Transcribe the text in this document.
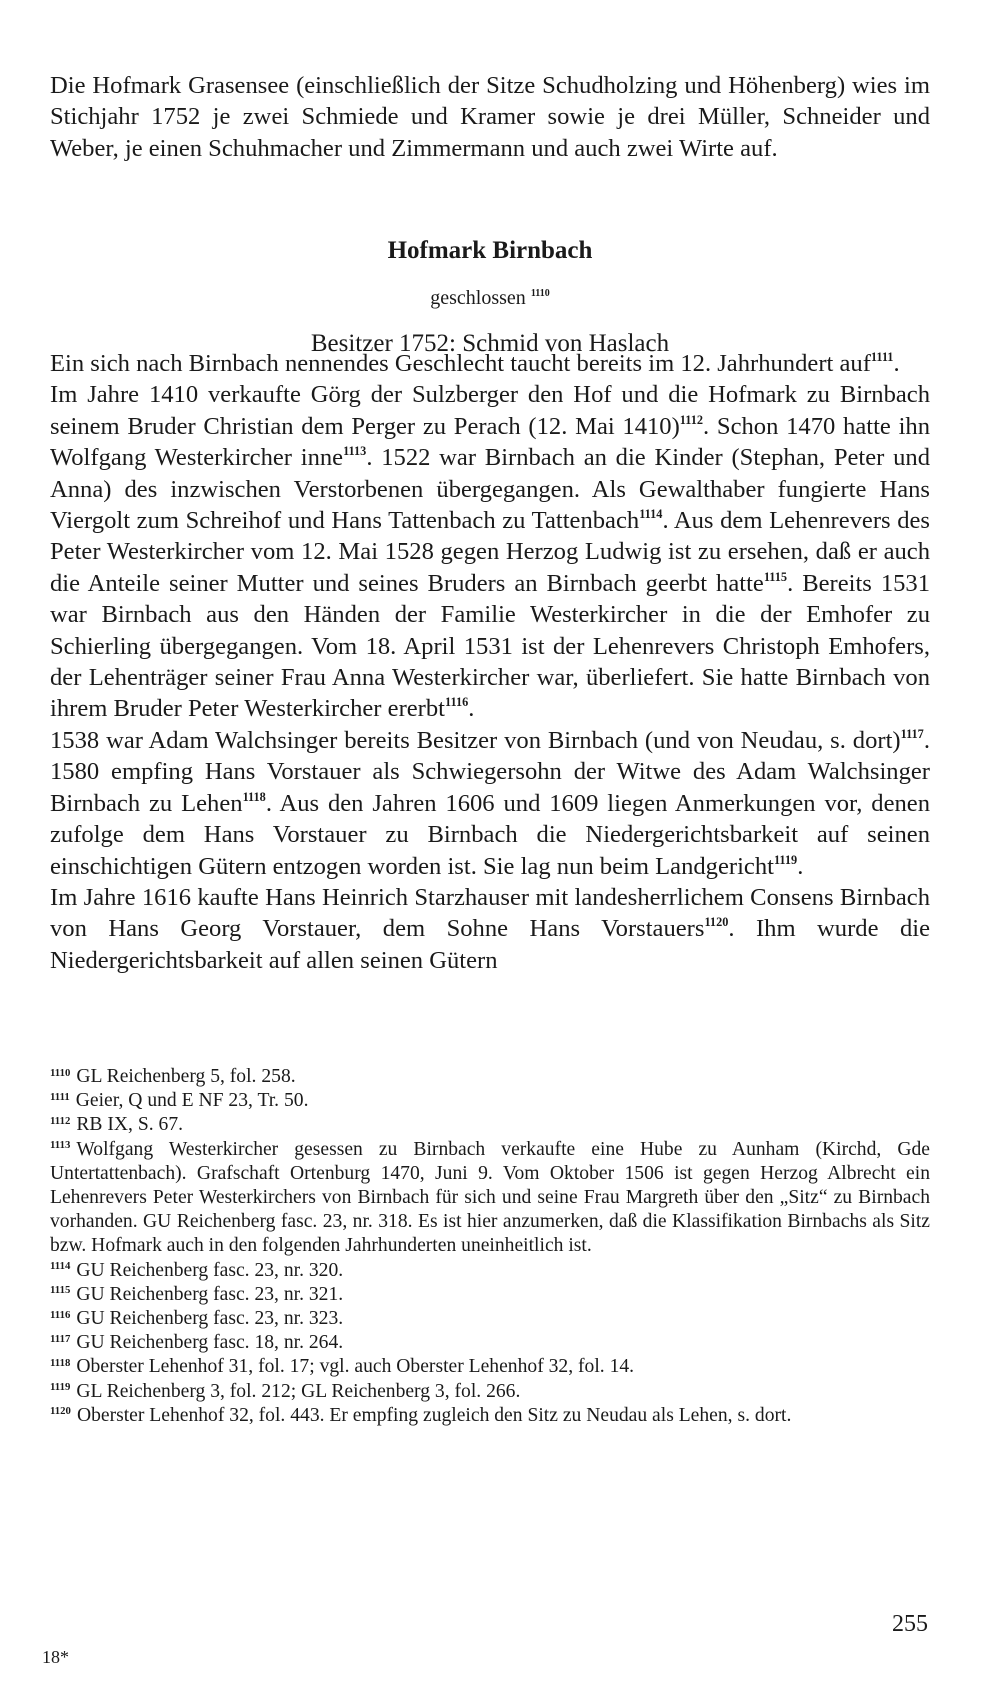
Die Hofmark Grasensee (einschließlich der Sitze Schudholzing und Höhenberg) wies im Stichjahr 1752 je zwei Schmiede und Kramer sowie je drei Müller, Schneider und Weber, je einen Schuhmacher und Zimmermann und auch zwei Wirte auf.

Hofmark Birnbach
geschlossen $^{1110}$
Besitzer 1752: Schmid von Haslach

Ein sich nach Birnbach nennendes Geschlecht taucht bereits im 12. Jahrhundert auf$^{1111}$.

Im Jahre 1410 verkaufte Görg der Sulzberger den Hof und die Hofmark zu Birnbach seinem Bruder Christian dem Perger zu Perach (12. Mai 1410)$^{1112}$. Schon 1470 hatte ihn Wolfgang Westerkircher inne$^{1113}$. 1522 war Birnbach an die Kinder (Stephan, Peter und Anna) des inzwischen Verstorbenen übergegangen. Als Gewalthaber fungierte Hans Viergolt zum Schreihof und Hans Tattenbach zu Tattenbach$^{1114}$. Aus dem Lehenrevers des Peter Westerkircher vom 12. Mai 1528 gegen Herzog Ludwig ist zu ersehen, daß er auch die Anteile seiner Mutter und seines Bruders an Birnbach geerbt hatte$^{1115}$. Bereits 1531 war Birnbach aus den Händen der Familie Westerkircher in die der Emhofer zu Schierling übergegangen. Vom 18. April 1531 ist der Lehenrevers Christoph Emhofers, der Lehenträger seiner Frau Anna Westerkircher war, überliefert. Sie hatte Birnbach von ihrem Bruder Peter Westerkircher ererbt$^{1116}$.

1538 war Adam Walchsinger bereits Besitzer von Birnbach (und von Neudau, s. dort)$^{1117}$. 1580 empfing Hans Vorstauer als Schwiegersohn der Witwe des Adam Walchsinger Birnbach zu Lehen$^{1118}$. Aus den Jahren 1606 und 1609 liegen Anmerkungen vor, denen zufolge dem Hans Vorstauer zu Birnbach die Niedergerichtsbarkeit auf seinen einschichtigen Gütern entzogen worden ist. Sie lag nun beim Landgericht$^{1119}$.

Im Jahre 1616 kaufte Hans Heinrich Starzhauser mit landesherrlichem Consens Birnbach von Hans Georg Vorstauer, dem Sohne Hans Vorstauers$^{1120}$. Ihm wurde die Niedergerichtsbarkeit auf allen seinen Gütern

$^{1110}$ GL Reichenberg 5, fol. 258.

$^{1111}$ Geier, Q und E NF 23, Tr. 50.

$^{1112}$ RB IX, S. 67.

$^{1113}$ Wolfgang Westerkircher gesessen zu Birnbach verkaufte eine Hube zu Aunham (Kirchd, Gde Untertattenbach). Grafschaft Ortenburg 1470, Juni 9. Vom Oktober 1506 ist gegen Herzog Albrecht ein Lehenrevers Peter Westerkirchers von Birnbach für sich und seine Frau Margreth über den „Sitz“ zu Birnbach vorhanden. GU Reichenberg fasc. 23, nr. 318. Es ist hier anzumerken, daß die Klassifikation Birnbachs als Sitz bzw. Hofmark auch in den folgenden Jahrhunderten uneinheitlich ist.

$^{1114}$ GU Reichenberg fasc. 23, nr. 320.

$^{1115}$ GU Reichenberg fasc. 23, nr. 321.

$^{1116}$ GU Reichenberg fasc. 23, nr. 323.

$^{1117}$ GU Reichenberg fasc. 18, nr. 264.

$^{1118}$ Oberster Lehenhof 31, fol. 17; vgl. auch Oberster Lehenhof 32, fol. 14.

$^{1119}$ GL Reichenberg 3, fol. 212; GL Reichenberg 3, fol. 266.

$^{1120}$ Oberster Lehenhof 32, fol. 443. Er empfing zugleich den Sitz zu Neudau als Lehen, s. dort.

255
18*
